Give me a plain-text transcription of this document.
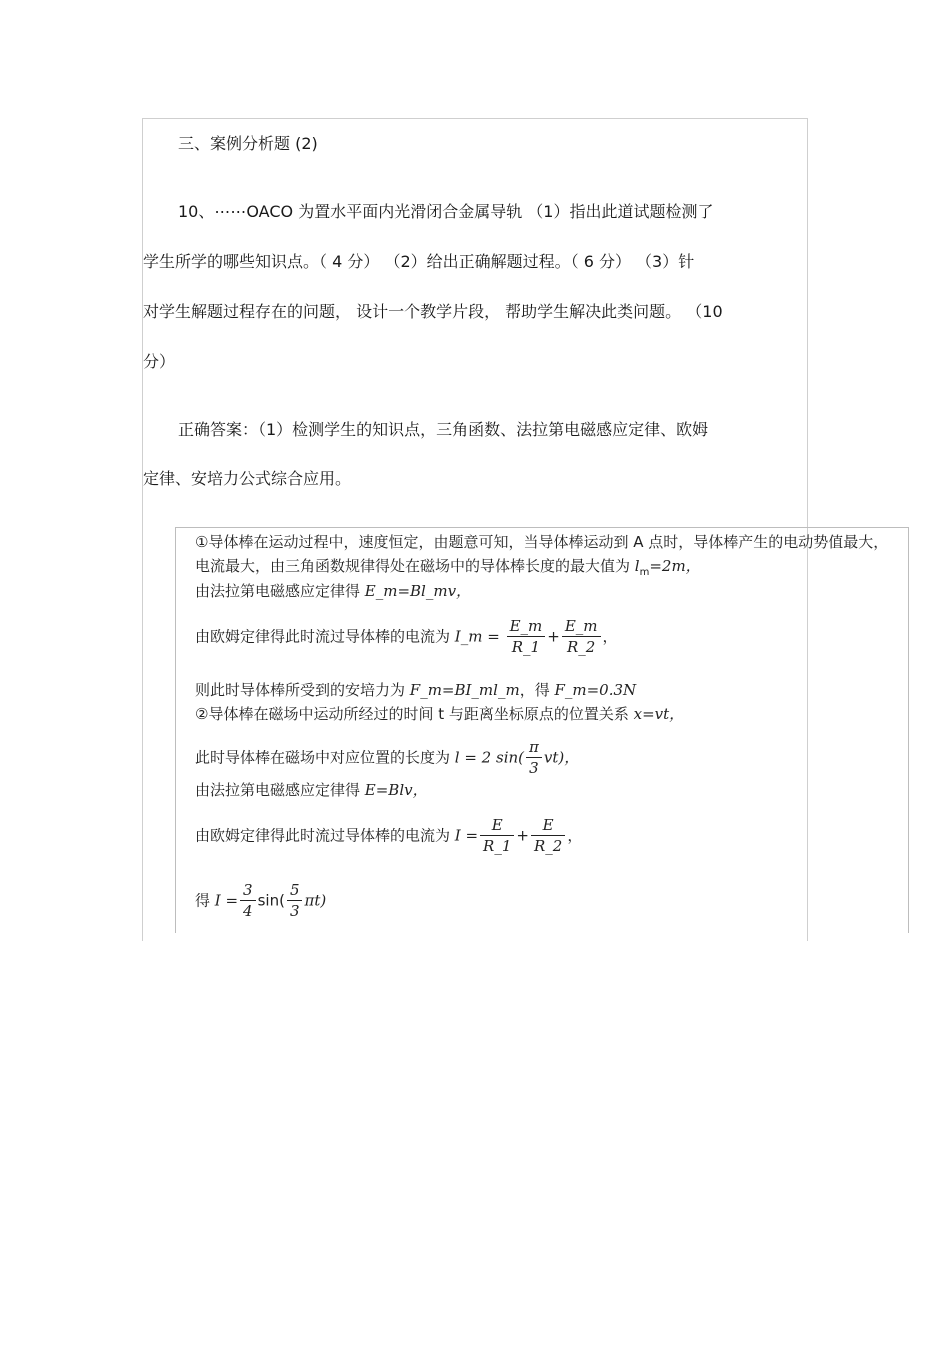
三、案例分析题 (2)
10、⋯⋯OACO 为置水平面内光滑闭合金属导轨 （1）指出此道试题检测了
学生所学的哪些知识点。（ 4 分） （2）给出正确解题过程。（ 6 分） （3）针
对学生解题过程存在的问题， 设计一个教学片段， 帮助学生解决此类问题。 （10
分）
正确答案：（1）检测学生的知识点，三角函数、法拉第电磁感应定律、欧姆
定律、安培力公式综合应用。
①导体棒在运动过程中，速度恒定，由题意可知，当导体棒运动到 A 点时，导体棒产生的电动势值最大，
电流最大，由三角函数规律得处在磁场中的导体棒长度的最大值为 $l_m=2m$，
由法拉第电磁感应定律得 E_m=Bl_mv，
由欧姆定律得此时流过导体棒的电流为 I_m = $\frac{E\_m}{R\_1} + \frac{E\_m}{R\_2}$ ，
则此时导体棒所受到的安培力为 F_m=BI_ml_m，得 F_m=0.3N
②导体棒在磁场中运动所经过的时间 t 与距离坐标原点的位置关系 x=vt，
此时导体棒在磁场中对应位置的长度为 l = 2 $\sin( \frac{\pi}{3} vt)$，
由法拉第电磁感应定律得 E=Blv，
由欧姆定律得此时流过导体棒的电流为 $I = \frac{E}{R\_1} + \frac{E}{R\_2}$ ，
得 $I = \frac{3}{4} \sin( \frac{5}{3} \pi t)$
